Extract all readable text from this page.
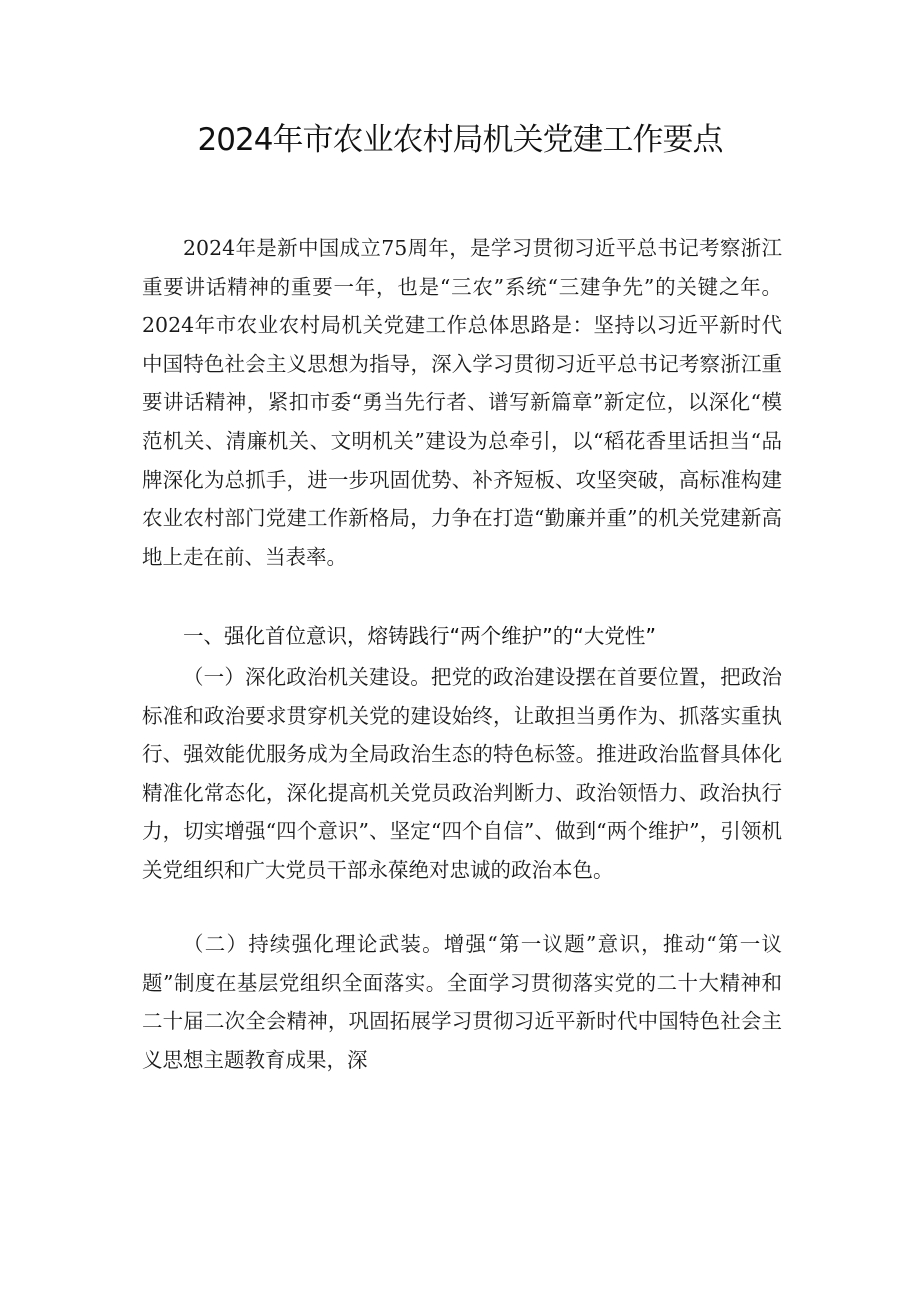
2024年市农业农村局机关党建工作要点
2024年是新中国成立75周年，是学习贯彻习近平总书记考察浙江重要讲话精神的重要一年，也是“三农”系统“三建争先”的关键之年。2024年市农业农村局机关党建工作总体思路是：坚持以习近平新时代中国特色社会主义思想为指导，深入学习贯彻习近平总书记考察浙江重要讲话精神，紧扣市委“勇当先行者、谱写新篇章”新定位，以深化“模范机关、清廉机关、文明机关”建设为总牵引，以“稻花香里话担当“品牌深化为总抓手，进一步巩固优势、补齐短板、攻坚突破，高标准构建农业农村部门党建工作新格局，力争在打造“勤廉并重”的机关党建新高地上走在前、当表率。
一、强化首位意识，熔铸践行“两个维护”的“大党性”
（一）深化政治机关建设。把党的政治建设摆在首要位置，把政治标准和政治要求贯穿机关党的建设始终，让敢担当勇作为、抓落实重执行、强效能优服务成为全局政治生态的特色标签。推进政治监督具体化精准化常态化，深化提高机关党员政治判断力、政治领悟力、政治执行力，切实增强“四个意识”、坚定“四个自信”、做到“两个维护”，引领机关党组织和广大党员干部永葆绝对忠诚的政治本色。
（二）持续强化理论武装。增强“第一议题”意识，推动“第一议题”制度在基层党组织全面落实。全面学习贯彻落实党的二十大精神和二十届二次全会精神，巩固拓展学习贯彻习近平新时代中国特色社会主义思想主题教育成果，深
